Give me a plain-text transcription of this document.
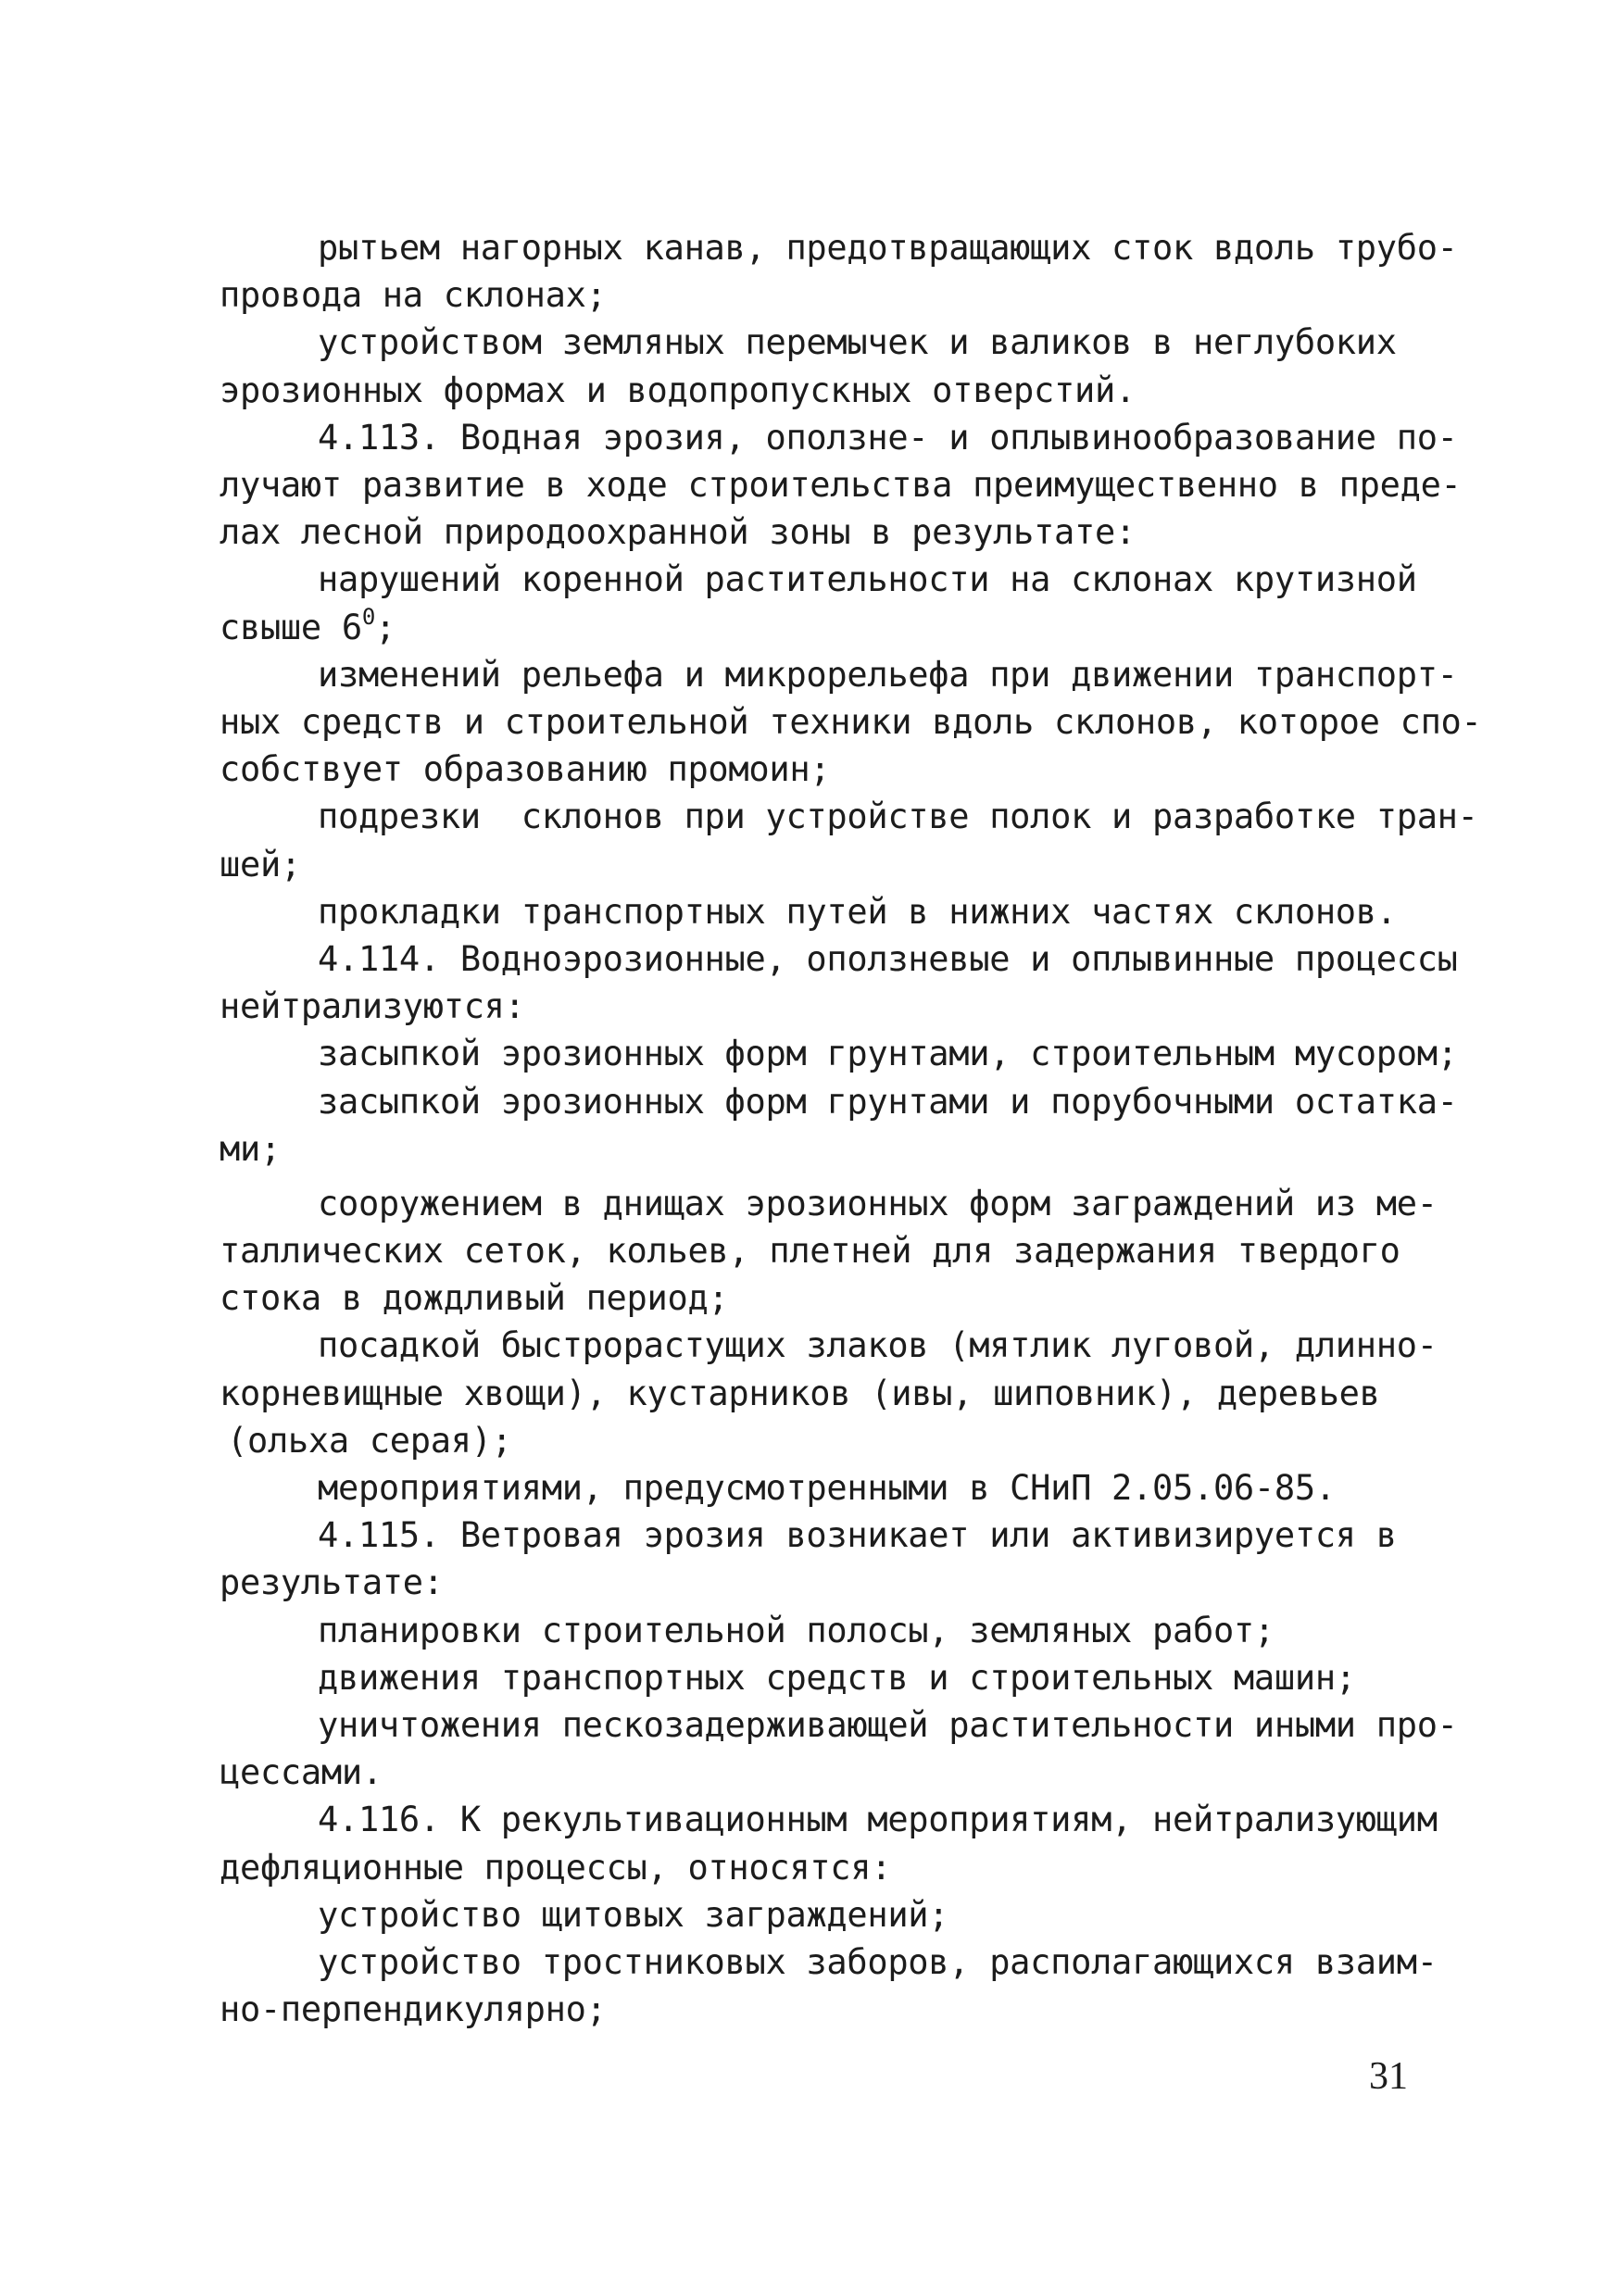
рытьем нагорных канав, предотвращающих сток вдоль трубо-
провода на склонах;
устройством земляных перемычек и валиков в неглубоких
эрозионных формах и водопропускных отверстий.
4.113. Водная эрозия, оползне- и оплывинообразование по-
лучают развитие в ходе строительства преимущественно в преде-
лах лесной природоохранной зоны в результате:
нарушений коренной растительности на склонах крутизной
свыше $6^0$;
изменений рельефа и микрорельефа при движении транспорт-
ных средств и строительной техники вдоль склонов, которое спо-
собствует образованию промоин;
подрезки  склонов при устройстве полок и разработке тран-
шей;
прокладки транспортных путей в нижних частях склонов.
4.114. Водноэрозионные, оползневые и оплывинные процессы
нейтрализуются:
засыпкой эрозионных форм грунтами, строительным мусором;
засыпкой эрозионных форм грунтами и порубочными остатка-
ми;
сооружением в днищах эрозионных форм заграждений из ме-
таллических сеток, кольев, плетней для задержания твердого
стока в дождливый период;
посадкой быстрорастущих злаков (мятлик луговой, длинно-
корневищные хвощи), кустарников (ивы, шиповник), деревьев
(ольха серая);
мероприятиями, предусмотренными в СНиП 2.05.06-85.
4.115. Ветровая эрозия возникает или активизируется в
результате:
планировки строительной полосы, земляных работ;
движения транспортных средств и строительных машин;
уничтожения пескозадерживающей растительности иными про-
цессами.
4.116. К рекультивационным мероприятиям, нейтрализующим
дефляционные процессы, относятся:
устройство щитовых заграждений;
устройство тростниковых заборов, располагающихся взаим-
но-перпендикулярно;
31
